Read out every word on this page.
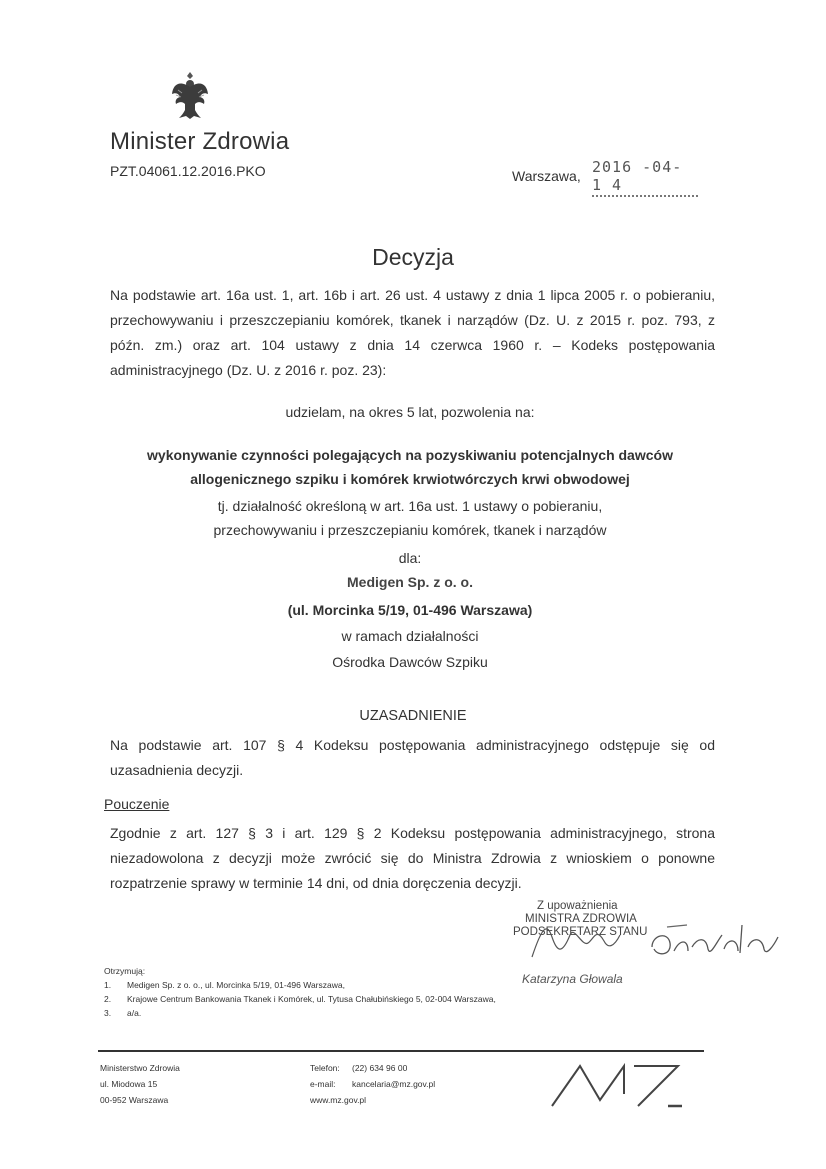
Minister Zdrowia
PZT.04061.12.2016.PKO	Warszawa, 2016 -04- 1 4
Decyzja
Na podstawie art. 16a ust. 1, art. 16b i art. 26 ust. 4 ustawy z dnia 1 lipca 2005 r. o pobieraniu, przechowywaniu i przeszczepianiu komórek, tkanek i narządów (Dz. U. z 2015 r. poz. 793, z późn. zm.) oraz art. 104 ustawy z dnia 14 czerwca 1960 r. – Kodeks postępowania administracyjnego (Dz. U. z 2016 r. poz. 23):
udzielam, na okres 5 lat, pozwolenia na:
wykonywanie czynności polegających na pozyskiwaniu potencjalnych dawców
allogenicznego szpiku i komórek krwiotwórczych krwi obwodowej
tj. działalność określoną w art. 16a ust. 1 ustawy o pobieraniu,
przechowywaniu i przeszczepianiu komórek, tkanek i narządów
dla:
Medigen Sp. z o. o.
(ul. Morcinka 5/19, 01-496 Warszawa)
w ramach działalności
Ośrodka Dawców Szpiku
UZASADNIENIE
Na podstawie art. 107 § 4 Kodeksu postępowania administracyjnego odstępuje się od uzasadnienia decyzji.
Pouczenie
Zgodnie z art. 127 § 3 i art. 129 § 2 Kodeksu postępowania administracyjnego, strona niezadowolona z decyzji może zwrócić się do Ministra Zdrowia z wnioskiem o ponowne rozpatrzenie sprawy w terminie 14 dni, od dnia doręczenia decyzji.
Z upoważnienia
MINISTRA ZDROWIA
PODSEKRETARZ STANU
Katarzyna Głowala
Otrzymują:
1.	Medigen Sp. z o. o., ul. Morcinka 5/19, 01-496 Warszawa,
2.	Krajowe Centrum Bankowania Tkanek i Komórek, ul. Tytusa Chałubińskiego 5, 02-004 Warszawa,
3.	a/a.
Ministerstwo Zdrowia
ul. Miodowa 15
00-952 Warszawa
Telefon: (22) 634 96 00
e-mail: kancelaria@mz.gov.pl
www.mz.gov.pl
